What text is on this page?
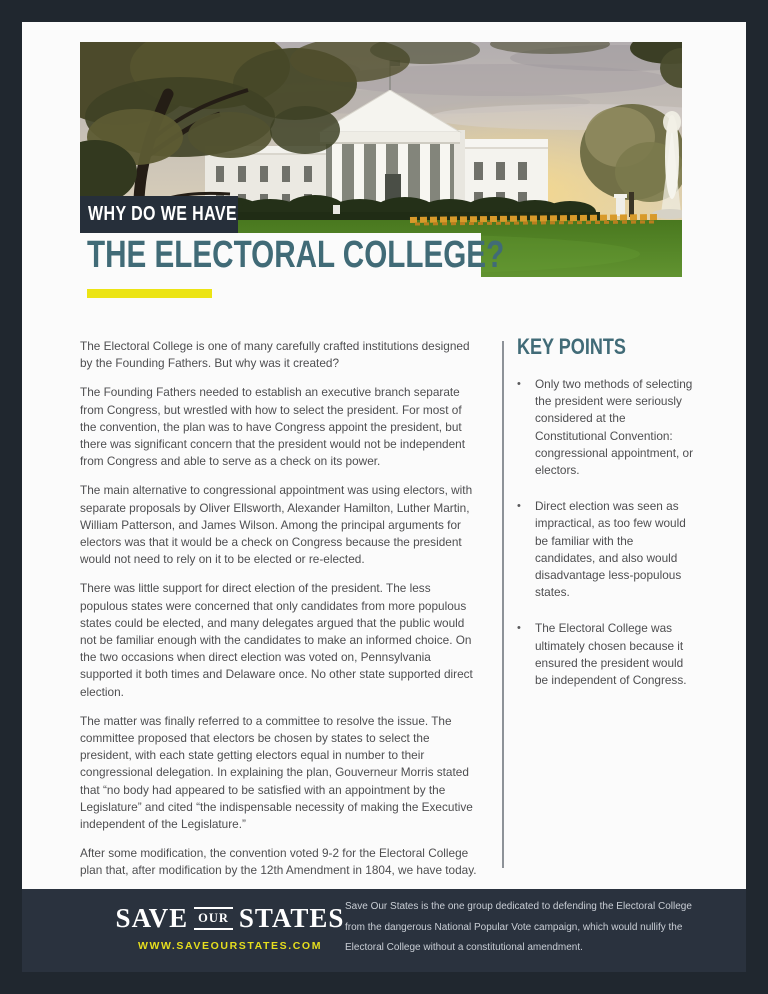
WHY DO WE HAVE
THE ELECTORAL COLLEGE?

The Electoral College is one of many carefully crafted institutions designed by the Founding Fathers. But why was it created?

The Founding Fathers needed to establish an executive branch separate from Congress, but wrestled with how to select the president. For most of the convention, the plan was to have Congress appoint the president, but there was significant concern that the president would not be independent from Congress and able to serve as a check on its power.

The main alternative to congressional appointment was using electors, with separate proposals by Oliver Ellsworth, Alexander Hamilton, Luther Martin, William Patterson, and James Wilson. Among the principal arguments for electors was that it would be a check on Congress because the president would not need to rely on it to be elected or re-elected.

There was little support for direct election of the president. The less populous states were concerned that only candidates from more populous states could be elected, and many delegates argued that the public would not be familiar enough with the candidates to make an informed choice. On the two occasions when direct election was voted on, Pennsylvania supported it both times and Delaware once. No other state supported direct election.

The matter was finally referred to a committee to resolve the issue. The committee proposed that electors be chosen by states to select the president, with each state getting electors equal in number to their congressional delegation. In explaining the plan, Gouverneur Morris stated that “no body had appeared to be satisfied with an appointment by the Legislature” and cited “the indispensable necessity of making the Executive independent of the Legislature.”

After some modification, the convention voted 9-2 for the Electoral College plan that, after modification by the 12th Amendment in 1804, we have today.

KEY POINTS
•	Only two methods of selecting the president were seriously considered at the Constitutional Convention: congressional appointment, or electors.
•	Direct election was seen as impractical, as too few would be familiar with the candidates, and also would disadvantage less-populous states.
•	The Electoral College was ultimately chosen because it ensured the president would be independent of Congress.
SAVE OUR STATES
WWW.SAVEOURSTATES.COM

Save Our States is the one group dedicated to defending the Electoral College from the dangerous National Popular Vote campaign, which would nullify the Electoral College without a constitutional amendment.
